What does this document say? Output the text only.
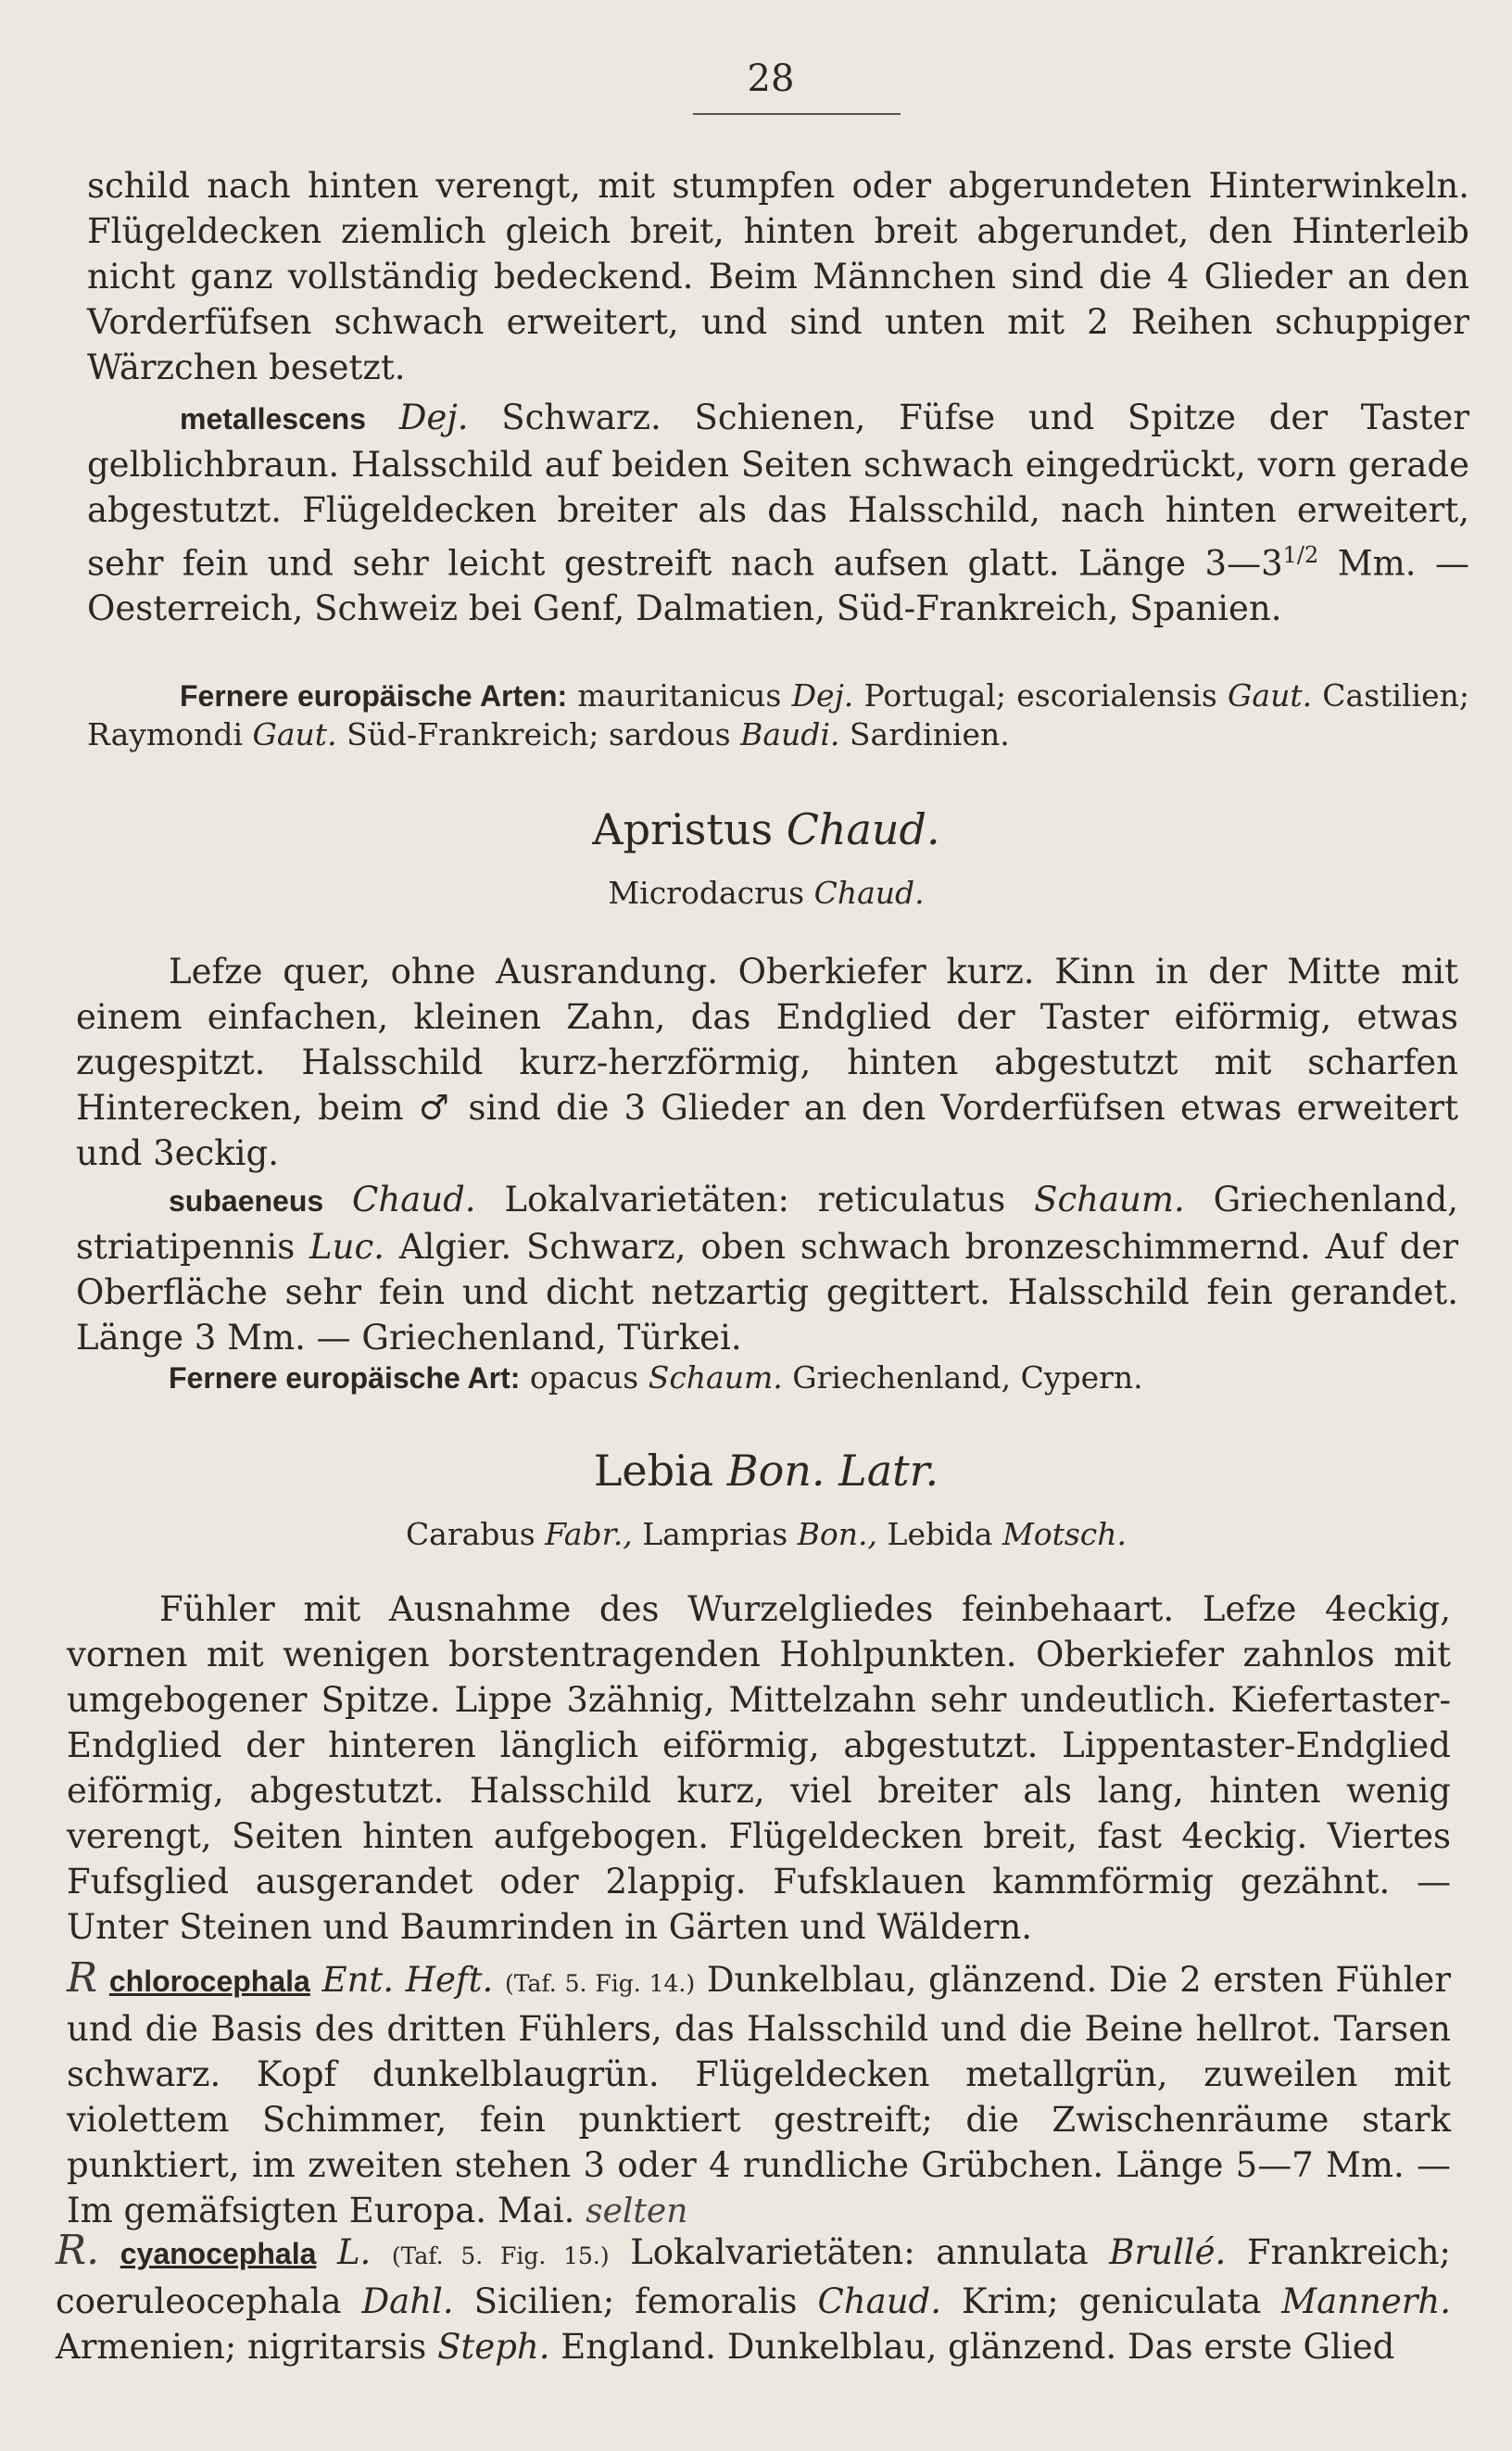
28

schild nach hinten verengt, mit stumpfen oder abgerundeten Hinterwinkeln. Flügeldecken ziemlich gleich breit, hinten breit abgerundet, den Hinterleib nicht ganz vollständig bedeckend. Beim Männchen sind die 4 Glieder an den Vorderfüfsen schwach erweitert, und sind unten mit 2 Reihen schuppiger Wärzchen besetzt.

metallescens Dej. Schwarz. Schienen, Füfse und Spitze der Taster gelblichbraun. Halsschild auf beiden Seiten schwach eingedrückt, vorn gerade abgestutzt. Flügeldecken breiter als das Halsschild, nach hinten erweitert, sehr fein und sehr leicht gestreift nach aufsen glatt. Länge $3—3^{1/2}$ Mm. — Oesterreich, Schweiz bei Genf, Dalmatien, Süd-Frankreich, Spanien.

Fernere europäische Arten: mauritanicus Dej. Portugal; escorialensis Gaut. Castilien; Raymondi Gaut. Süd-Frankreich; sardous Baudi. Sardinien.

Apristus Chaud.
Microdacrus Chaud.

Lefze quer, ohne Ausrandung. Oberkiefer kurz. Kinn in der Mitte mit einem einfachen, kleinen Zahn, das Endglied der Taster eiförmig, etwas zugespitzt. Halsschild kurz-herzförmig, hinten abgestutzt mit scharfen Hinterecken, beim ♂ sind die 3 Glieder an den Vorderfüfsen etwas erweitert und 3eckig.

subaeneus Chaud. Lokalvarietäten: reticulatus Schaum. Griechenland, striatipennis Luc. Algier. Schwarz, oben schwach bronzeschimmernd. Auf der Oberfläche sehr fein und dicht netzartig gegittert. Halsschild fein gerandet. Länge 3 Mm. — Griechenland, Türkei.

Fernere europäische Art: opacus Schaum. Griechenland, Cypern.

Lebia Bon. Latr.
Carabus Fabr., Lamprias Bon., Lebida Motsch.

Fühler mit Ausnahme des Wurzelgliedes feinbehaart. Lefze 4eckig, vornen mit wenigen borstentragenden Hohlpunkten. Oberkiefer zahnlos mit umgebogener Spitze. Lippe 3zähnig, Mittelzahn sehr undeutlich. Kiefertaster-Endglied der hinteren länglich eiförmig, abgestutzt. Lippentaster-Endglied eiförmig, abgestutzt. Halsschild kurz, viel breiter als lang, hinten wenig verengt, Seiten hinten aufgebogen. Flügeldecken breit, fast 4eckig. Viertes Fufsglied ausgerandet oder 2lappig. Fufsklauen kammförmig gezähnt. — Unter Steinen und Baumrinden in Gärten und Wäldern.

R chlorocephala Ent. Heft. (Taf. 5. Fig. 14.) Dunkelblau, glänzend. Die 2 ersten Fühler und die Basis des dritten Fühlers, das Halsschild und die Beine hellrot. Tarsen schwarz. Kopf dunkelblaugrün. Flügeldecken metallgrün, zuweilen mit violettem Schimmer, fein punktiert gestreift; die Zwischenräume stark punktiert, im zweiten stehen 3 oder 4 rundliche Grübchen. Länge 5—7 Mm. — Im gemäfsigten Europa. Mai. selten

R. cyanocephala L. (Taf. 5. Fig. 15.) Lokalvarietäten: annulata Brullé. Frankreich; coeruleocephala Dahl. Sicilien; femoralis Chaud. Krim; geniculata Mannerh. Armenien; nigritarsis Steph. England. Dunkelblau, glänzend. Das erste Glied
